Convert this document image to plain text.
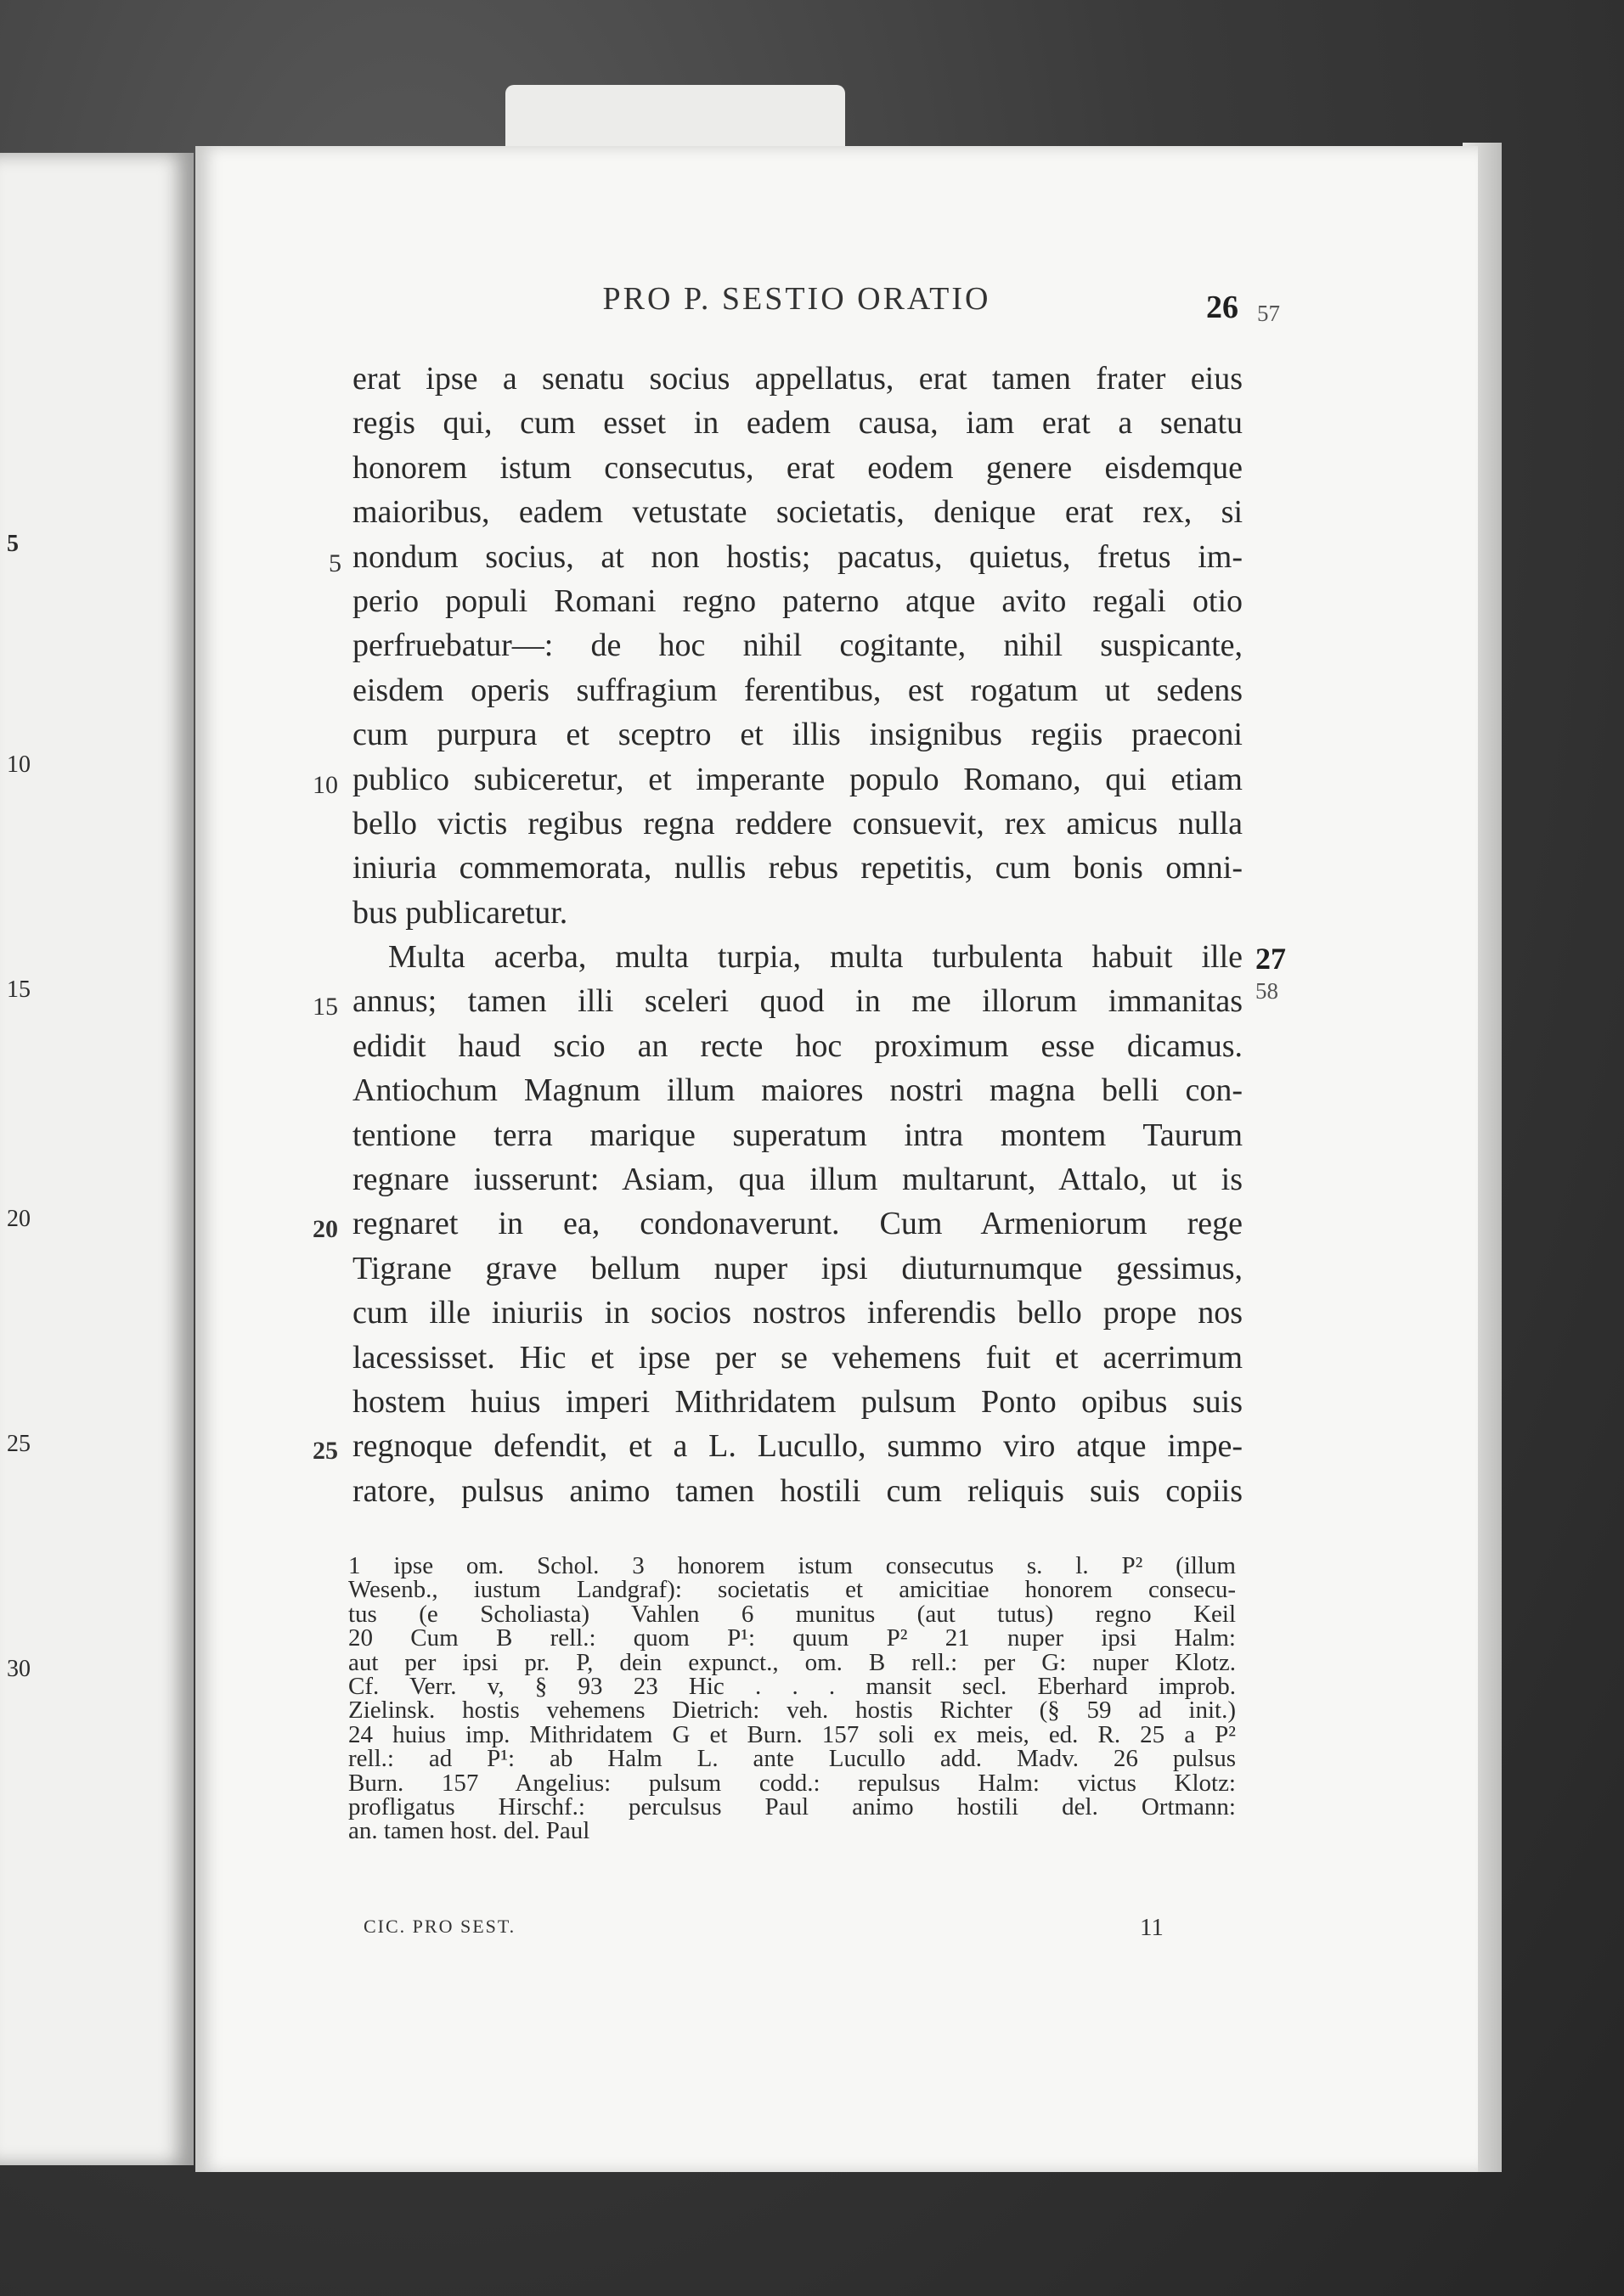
5
10
15
20
25
30
PRO P. SESTIO ORATIO	26 57
erat ipse a senatu socius appellatus, erat tamen frater eius
regis qui, cum esset in eadem causa, iam erat a senatu
honorem istum consecutus, erat eodem genere eisdemque
maioribus, eadem vetustate societatis, denique erat rex, si
nondum socius, at non hostis; pacatus, quietus, fretus im-
perio populi Romani regno paterno atque avito regali otio
perfruebatur—: de hoc nihil cogitante, nihil suspicante,
eisdem operis suffragium ferentibus, est rogatum ut sedens
cum purpura et sceptro et illis insignibus regiis praeconi
publico subiceretur, et imperante populo Romano, qui etiam
bello victis regibus regna reddere consuevit, rex amicus nulla
iniuria commemorata, nullis rebus repetitis, cum bonis omni-
bus publicaretur.
Multa acerba, multa turpia, multa turbulenta habuit ille
annus; tamen illi sceleri quod in me illorum immanitas
edidit haud scio an recte hoc proximum esse dicamus.
Antiochum Magnum illum maiores nostri magna belli con-
tentione terra marique superatum intra montem Taurum
regnare iusserunt: Asiam, qua illum multarunt, Attalo, ut is
regnaret in ea, condonaverunt. Cum Armeniorum rege
Tigrane grave bellum nuper ipsi diuturnumque gessimus,
cum ille iniuriis in socios nostros inferendis bello prope nos
lacessisset. Hic et ipse per se vehemens fuit et acerrimum
hostem huius imperi Mithridatem pulsum Ponto opibus suis
regnoque defendit, et a L. Lucullo, summo viro atque impe-
ratore, pulsus animo tamen hostili cum reliquis suis copiis
5
10
15
20
25
27
58
1 ipse om. Schol. 3 honorem istum consecutus s. l. P² (illum
Wesenb., iustum Landgraf): societatis et amicitiae honorem consecu-
tus (e Scholiasta) Vahlen 6 munitus (aut tutus) regno Keil
20 Cum B rell.: quom P¹: quum P² 21 nuper ipsi Halm:
aut per ipsi pr. P, dein expunct., om. B rell.: per G: nuper Klotz.
Cf. Verr. v, § 93 23 Hic . . . mansit secl. Eberhard improb.
Zielinsk. hostis vehemens Dietrich: veh. hostis Richter (§ 59 ad init.)
24 huius imp. Mithridatem G et Burn. 157 soli ex meis, ed. R. 25 a P²
rell.: ad P¹: ab Halm L. ante Lucullo add. Madv. 26 pulsus
Burn. 157 Angelius: pulsum codd.: repulsus Halm: victus Klotz:
profligatus Hirschf.: perculsus Paul animo hostili del. Ortmann:
an. tamen host. del. Paul
CIC. PRO SEST.	11
